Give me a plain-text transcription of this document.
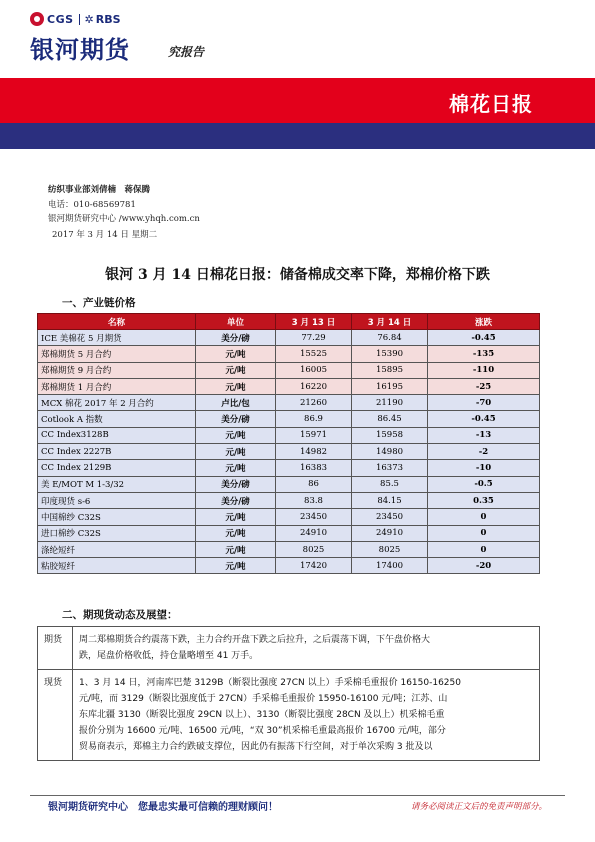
CGS ✲ RBS
银河期货	究报告
棉花日报
纺织事业部刘倩楠　蒋保腾
电话：010-68569781
银河期货研究中心 /www.yhqh.com.cn
2017 年 3 月 14 日 星期二
银河 3 月 14 日棉花日报：储备棉成交率下降，郑棉价格下跌
一、产业链价格
名称	单位	3 月 13 日	3 月 14 日	涨跌
ICE 美棉花 5 月期货	美分/磅	77.29	76.84	-0.45
郑棉期货 5 月合约	元/吨	15525	15390	-135
郑棉期货 9 月合约	元/吨	16005	15895	-110
郑棉期货 1 月合约	元/吨	16220	16195	-25
MCX 棉花 2017 年 2 月合约	卢比/包	21260	21190	-70
Cotlook A 指数	美分/磅	86.9	86.45	-0.45
CC Index3128B	元/吨	15971	15958	-13
CC Index 2227B	元/吨	14982	14980	-2
CC Index 2129B	元/吨	16383	16373	-10
美 E/MOT M 1-3/32	美分/磅	86	85.5	-0.5
印度现货 s-6	美分/磅	83.8	84.15	0.35
中国棉纱 C32S	元/吨	23450	23450	0
进口棉纱 C32S	元/吨	24910	24910	0
涤纶短纤	元/吨	8025	8025	0
粘胶短纤	元/吨	17420	17400	-20
二、期现货动态及展望：
期货	周二郑棉期货合约震荡下跌，主力合约开盘下跌之后拉升，之后震荡下调，下午盘价格大
跌，尾盘价格收低，持仓量略增至 41 万手。

现货	1、3 月 14 日，河南库巴楚 3129B（断裂比强度 27CN 以上）手采棉毛重报价 16150-16250
元/吨，而 3129（断裂比强度低于 27CN）手采棉毛重报价 15950-16100 元/吨；江苏、山
东库北疆 3130（断裂比强度 29CN 以上）、3130（断裂比强度 28CN 及以上）机采棉毛重
报价分别为 16600 元/吨、16500 元/吨，“双 30”机采棉毛重最高报价 16700 元/吨，部分
贸易商表示，郑棉主力合约跌破支撑位，因此仍有振荡下行空间，对于单次采购 3 批及以
银河期货研究中心　您最忠实最可信赖的理财顾问！	请务必阅读正文后的免责声明部分。
